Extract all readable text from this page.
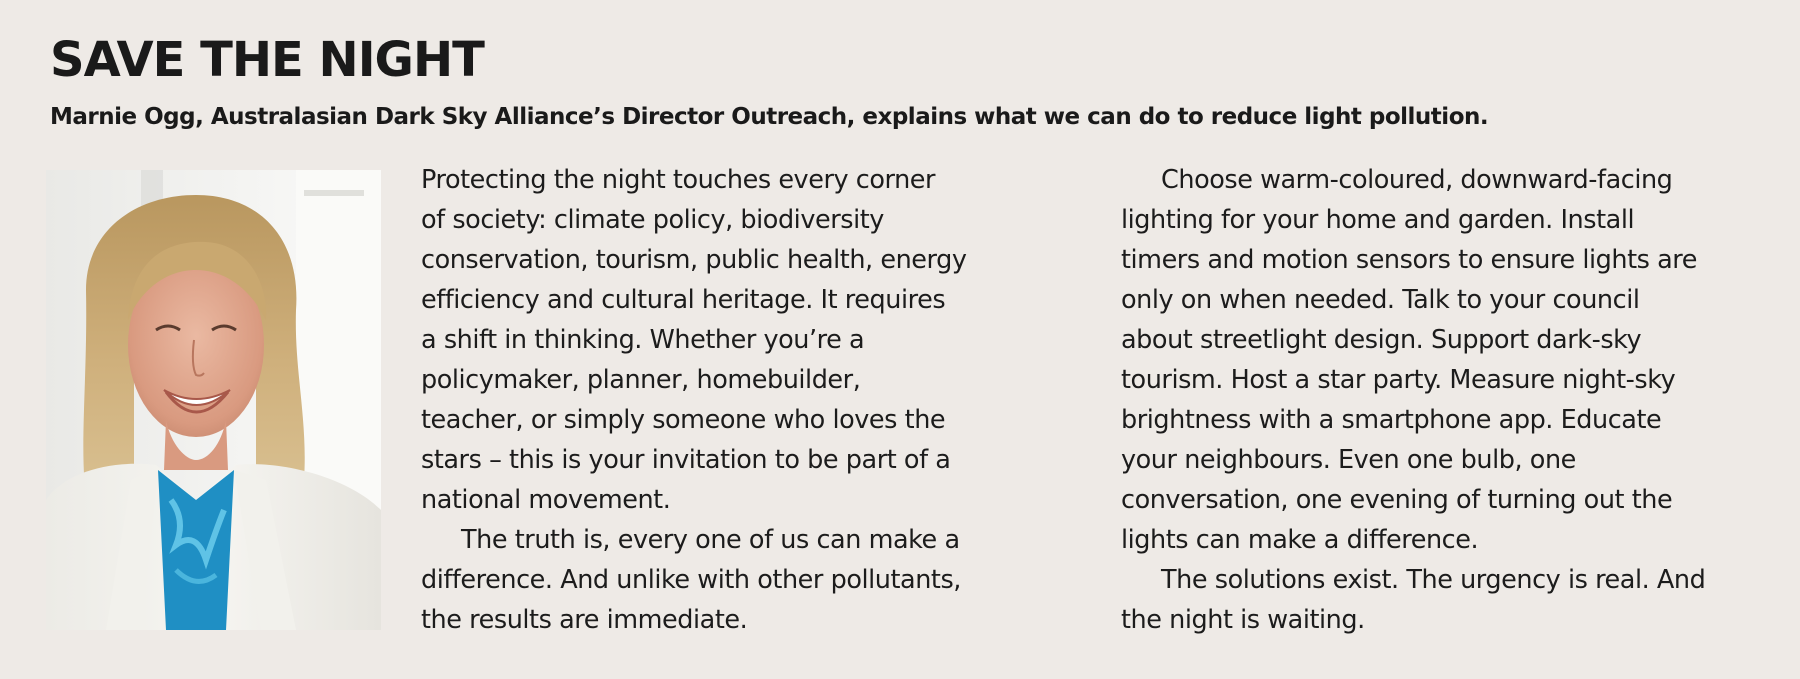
SAVE THE NIGHT

Marnie Ogg, Australasian Dark Sky Alliance’s Director Outreach, explains what we can do to reduce light pollution.

Protecting the night touches every corner
of society: climate policy, biodiversity
conservation, tourism, public health, energy
efficiency and cultural heritage. It requires
a shift in thinking. Whether you’re a
policymaker, planner, homebuilder,
teacher, or simply someone who loves the
stars – this is your invitation to be part of a
national movement.

The truth is, every one of us can make a
difference. And unlike with other pollutants,
the results are immediate.

Choose warm-coloured, downward-facing
lighting for your home and garden. Install
timers and motion sensors to ensure lights are
only on when needed. Talk to your council
about streetlight design. Support dark-sky
tourism. Host a star party. Measure night-sky
brightness with a smartphone app. Educate
your neighbours. Even one bulb, one
conversation, one evening of turning out the
lights can make a difference.

The solutions exist. The urgency is real. And
the night is waiting.
